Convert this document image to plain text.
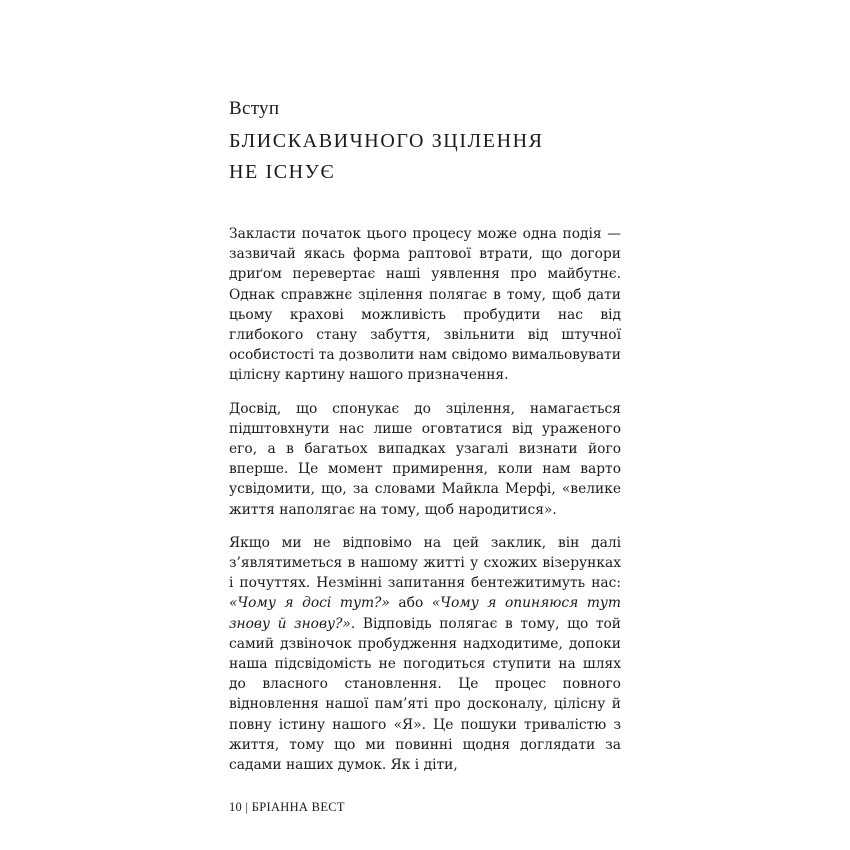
Вступ
БЛИСКАВИЧНОГО ЗЦІЛЕННЯ
НЕ ІСНУЄ

Закласти початок цього процесу може одна подія — зазвичай якась форма раптової втрати, що догори дриґом перевертає наші уявлення про майбутнє. Однак справжнє зцілення полягає в тому, щоб дати цьому краховi можливість пробудити нас від глибокого стану забуття, звільнити від штучної особистості та дозволити нам свідомо вимальовувати цілісну картину нашого призначення.

Досвід, що спонукає до зцілення, намагається підштовхнути нас лише оговтатися від ураженого его, а в багатьох випадках узагалі визнати його вперше. Це момент примирення, коли нам варто усвідомити, що, за словами Майкла Мерфі, «велике життя наполягає на тому, щоб народитися».

Якщо ми не відповімо на цей заклик, він далі з’являтиметься в нашому житті у схожих візерунках і почуттях. Незмінні запитання бентежитимуть нас: «Чому я досі тут?» або «Чому я опиняюся тут знову й знову?». Відповідь полягає в тому, що той самий дзвіночок пробудження надходитиме, допоки наша підсвідомість не погодиться ступити на шлях до власного становлення. Це процес повного відновлення нашої пам’яті про досконалу, цілісну й повну істину нашого «Я». Це пошуки тривалістю з життя, тому що ми повинні щодня доглядати за садами наших думок. Як і діти,

10 | БРІАННА ВЕСТ
